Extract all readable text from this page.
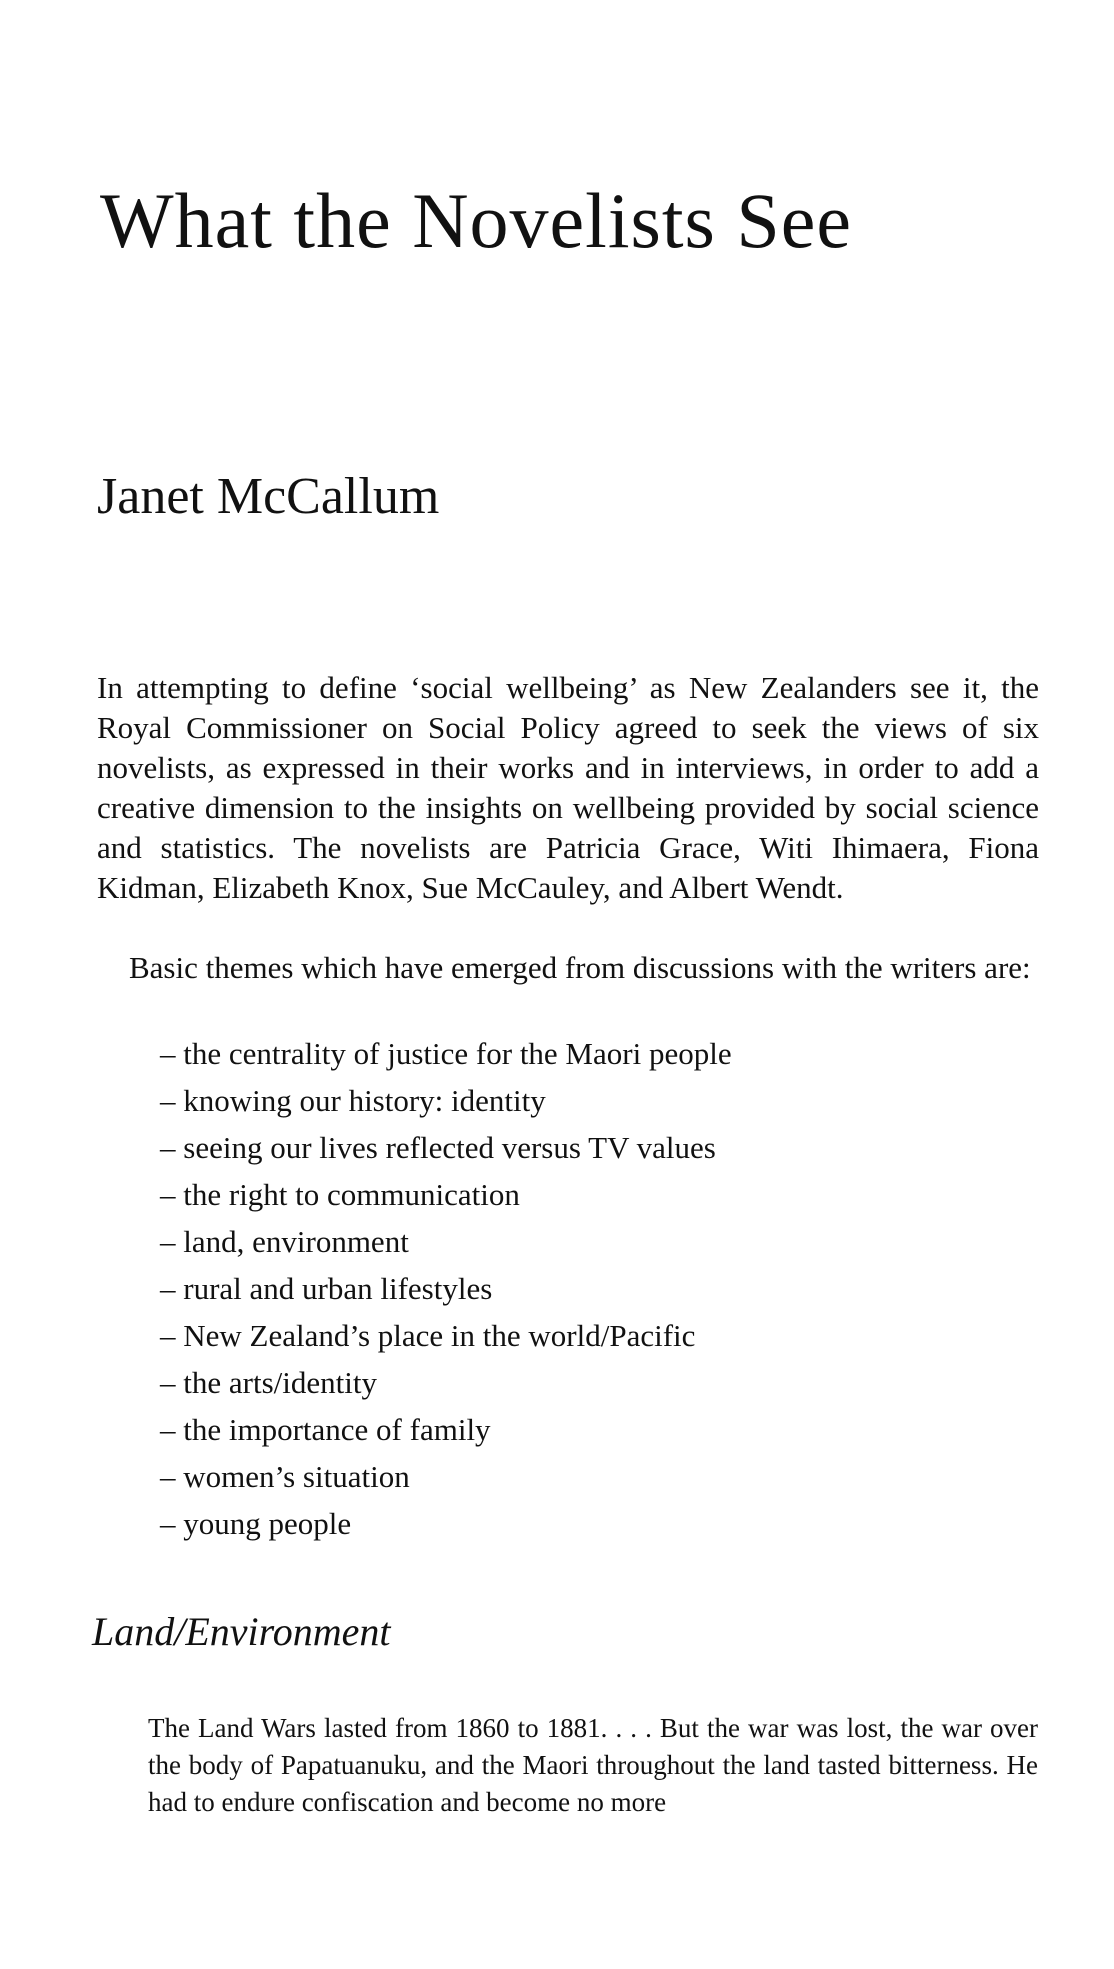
What the Novelists See
Janet McCallum

In attempting to define ‘social wellbeing’ as New Zealanders see it, the Royal Commissioner on Social Policy agreed to seek the views of six novelists, as expressed in their works and in interviews, in order to add a creative dimension to the insights on wellbeing provided by social science and statistics. The novelists are Patricia Grace, Witi Ihimaera, Fiona Kidman, Elizabeth Knox, Sue McCauley, and Albert Wendt.

Basic themes which have emerged from discussions with the writers are:

– the centrality of justice for the Maori people
– knowing our history: identity
– seeing our lives reflected versus TV values
– the right to communication
– land, environment
– rural and urban lifestyles
– New Zealand’s place in the world/Pacific
– the arts/identity
– the importance of family
– women’s situation
– young people
Land/Environment

The Land Wars lasted from 1860 to 1881. . . . But the war was lost, the war over the body of Papatuanuku, and the Maori throughout the land tasted bitterness. He had to endure confiscation and become no more
